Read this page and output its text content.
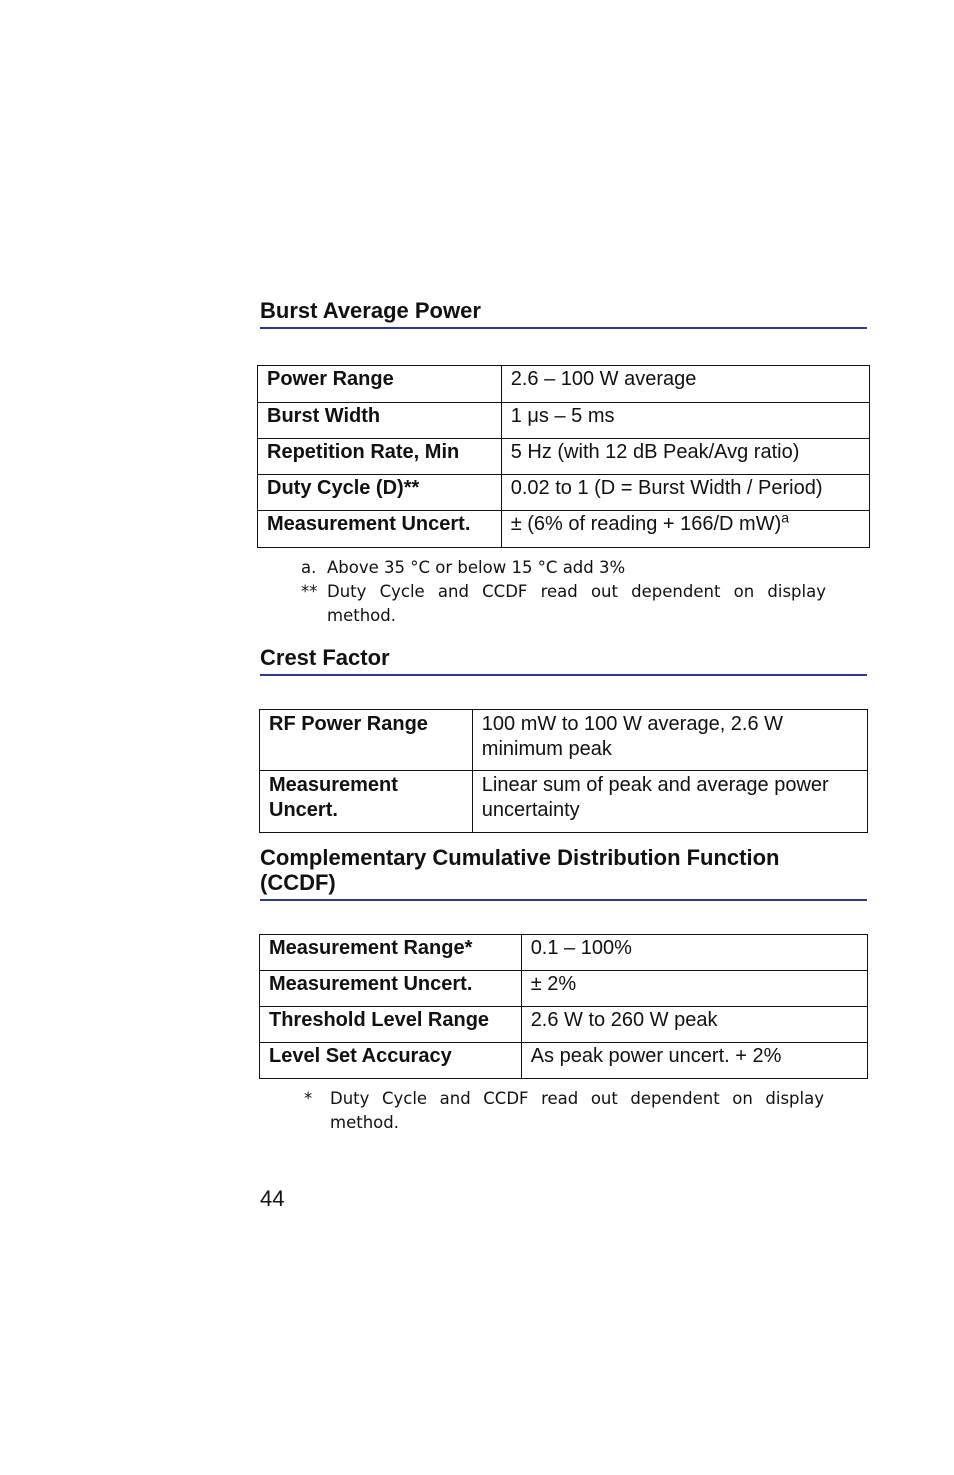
Burst Average Power
Power Range	2.6 – 100 W average
Burst Width	1 μs – 5 ms
Repetition Rate, Min	5 Hz (with 12 dB Peak/Avg ratio)
Duty Cycle (D)**	0.02 to 1 (D = Burst Width / Period)
Measurement Uncert.	± (6% of reading + 166/D mW)$^a$
a. Above 35 °C or below 15 °C add 3%
** Duty Cycle and CCDF read out dependent on display method.
Crest Factor
RF Power Range	100 mW to 100 W average, 2.6 W minimum peak
Measurement Uncert.	Linear sum of peak and average power uncertainty
Complementary Cumulative Distribution Function (CCDF)
Measurement Range*	0.1 – 100%
Measurement Uncert.	± 2%
Threshold Level Range	2.6 W to 260 W peak
Level Set Accuracy	As peak power uncert. + 2%
*	Duty Cycle and CCDF read out dependent on display method.
44
